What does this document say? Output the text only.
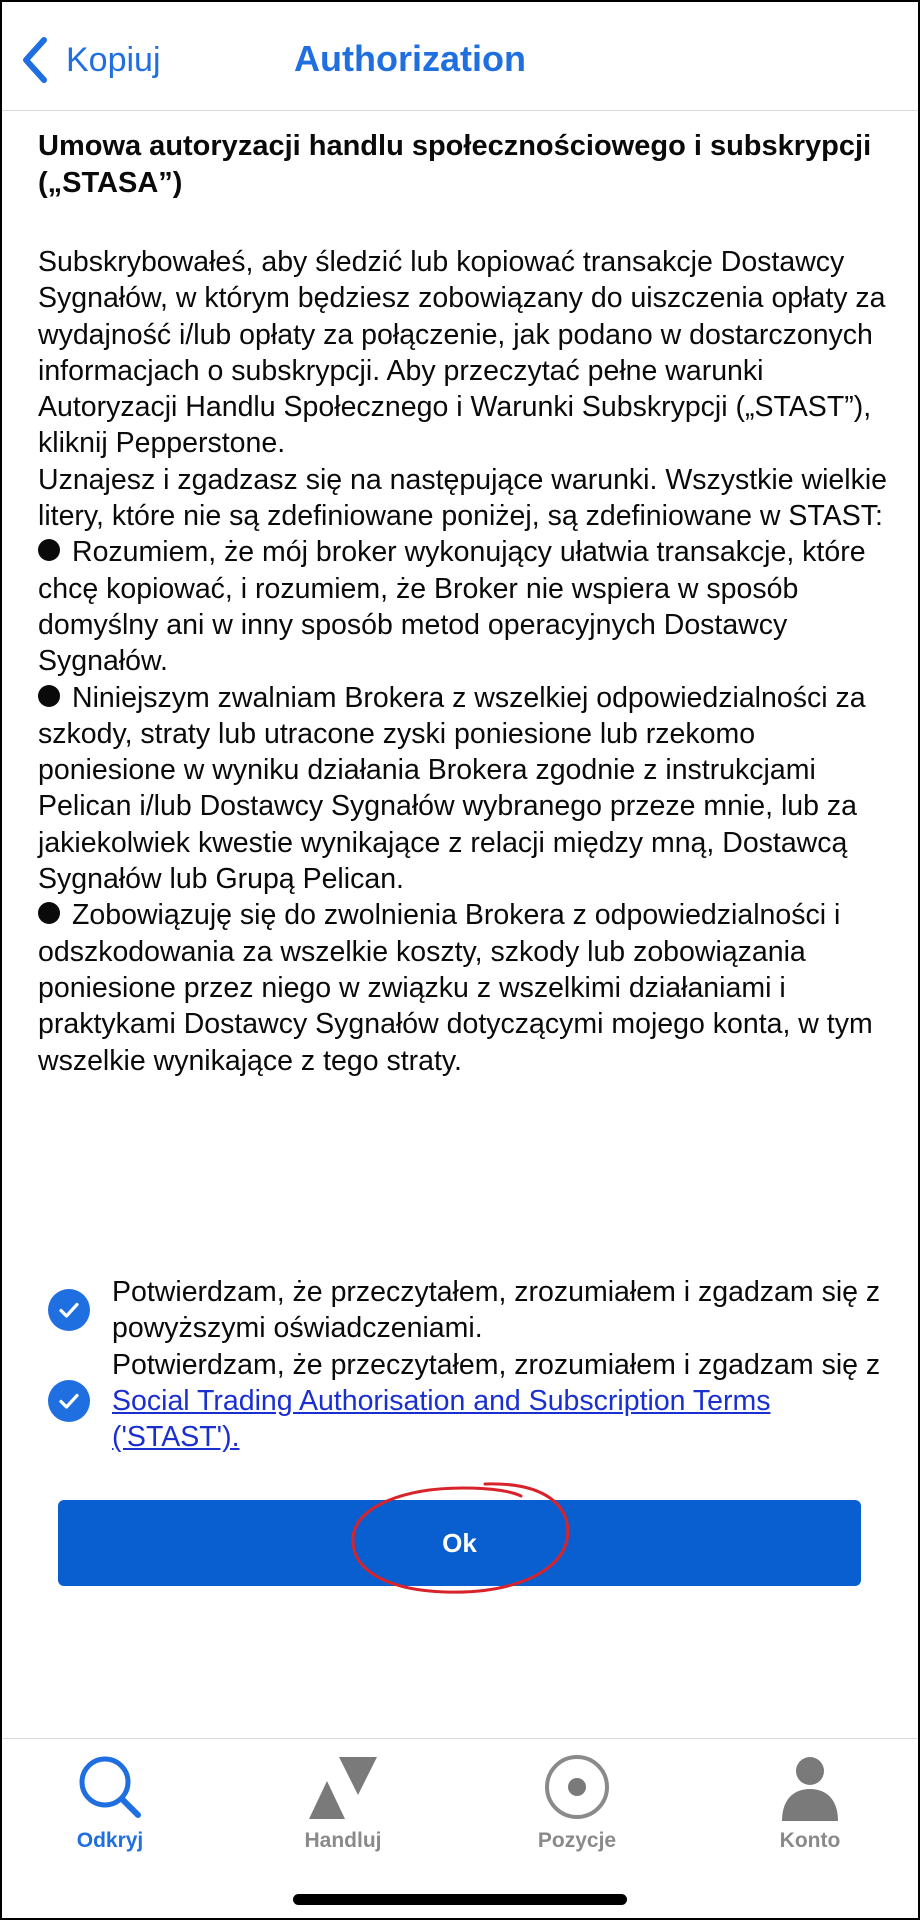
Kopiuj	Authorization
Umowa autoryzacji handlu społecznościowego i subskrypcji („STASA”)

Subskrybowałeś, aby śledzić lub kopiować transakcje Dostawcy Sygnałów, w którym będziesz zobowiązany do uiszczenia opłaty za wydajność i/lub opłaty za połączenie, jak podano w dostarczonych informacjach o subskrypcji. Aby przeczytać pełne warunki Autoryzacji Handlu Społecznego i Warunki Subskrypcji („STAST”), kliknij Pepperstone.

Uznajesz i zgadzasz się na następujące warunki. Wszystkie wielkie litery, które nie są zdefiniowane poniżej, są zdefiniowane w STAST:

Rozumiem, że mój broker wykonujący ułatwia transakcje, które chcę kopiować, i rozumiem, że Broker nie wspiera w sposób domyślny ani w inny sposób metod operacyjnych Dostawcy Sygnałów.

Niniejszym zwalniam Brokera z wszelkiej odpowiedzialności za szkody, straty lub utracone zyski poniesione lub rzekomo poniesione w wyniku działania Brokera zgodnie z instrukcjami Pelican i/lub Dostawcy Sygnałów wybranego przeze mnie, lub za jakiekolwiek kwestie wynikające z relacji między mną, Dostawcą Sygnałów lub Grupą Pelican.

Zobowiązuję się do zwolnienia Brokera z odpowiedzialności i odszkodowania za wszelkie koszty, szkody lub zobowiązania poniesione przez niego w związku z wszelkimi działaniami i praktykami Dostawcy Sygnałów dotyczącymi mojego konta, w tym wszelkie wynikające z tego straty.

Potwierdzam, że przeczytałem, zrozumiałem i zgadzam się z powyższymi oświadczeniami.
Potwierdzam, że przeczytałem, zrozumiałem i zgadzam się z Social Trading Authorisation and Subscription Terms ('STAST').
Ok
Odkryj	Handluj	Pozycje	Konto
